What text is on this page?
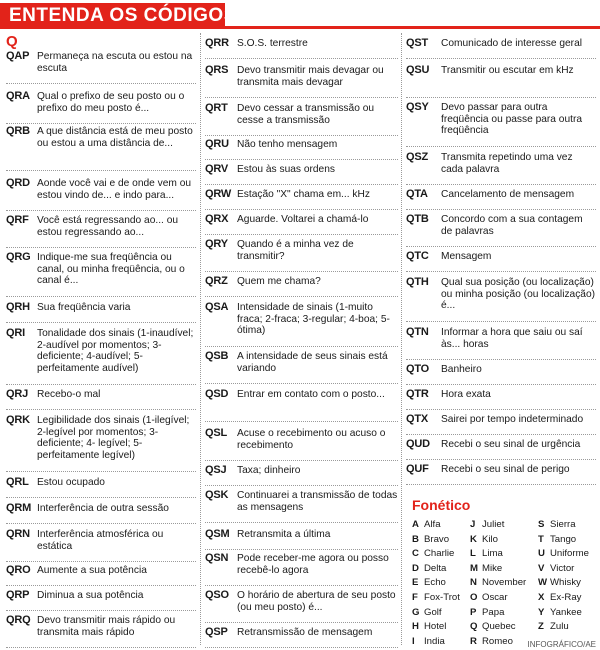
ENTENDA OS CÓDIGOS
Q
QAP Permaneça na escuta ou estou na escuta
QRA Qual o prefixo de seu posto ou o prefixo do meu posto é...
QRB A que distância está de meu posto ou estou a uma distância de...
QRD Aonde você vai e de onde vem ou estou vindo de... e indo para...
QRF Você está regressando ao... ou estou regressando ao...
QRG Indique-me sua freqüência ou canal, ou minha freqüência, ou o canal é...
QRH Sua freqüência varia
QRI Tonalidade dos sinais (1-inaudível; 2-audível por momentos; 3-deficiente; 4-audível; 5-perfeitamente audível)
QRJ Recebo-o mal
QRK Legibilidade dos sinais (1-ilegível; 2-legível por momentos; 3-deficiente; 4- legível; 5-perfeitamente legível)
QRL Estou ocupado
QRM Interferência de outra sessão
QRN Interferência atmosférica ou estática
QRO Aumente a sua potência
QRP Diminua a sua potência
QRQ Devo transmitir mais rápido ou transmita mais rápido
QRR S.O.S. terrestre
QRS Devo transmitir mais devagar ou transmita mais devagar
QRT Devo cessar a transmissão ou cesse a transmissão
QRU Não tenho mensagem
QRV Estou às suas ordens
QRW Estação "X" chama em... kHz
QRX Aguarde. Voltarei a chamá-lo
QRY Quando é a minha vez de transmitir?
QRZ Quem me chama?
QSA Intensidade de sinais (1-muito fraca; 2-fraca; 3-regular; 4-boa; 5-ótima)
QSB A intensidade de seus sinais está variando
QSD Entrar em contato com o posto...
QSL Acuse o recebimento ou acuso o recebimento
QSJ Taxa; dinheiro
QSK Continuarei a transmissão de todas as mensagens
QSM Retransmita a última
QSN Pode receber-me agora ou posso recebê-lo agora
QSO O horário de abertura de seu posto (ou meu posto) é...
QSP Retransmissão de mensagem
QST Comunicado de interesse geral
QSU Transmitir ou escutar em kHz
QSY Devo passar para outra freqüência ou passe para outra freqüência
QSZ Transmita repetindo uma vez cada palavra
QTA Cancelamento de mensagem
QTB Concordo com a sua contagem de palavras
QTC Mensagem
QTH Qual sua posição (ou localização) ou minha posição (ou localização) é...
QTN Informar a hora que saiu ou saí às... horas
QTO Banheiro
QTR Hora exata
QTX Sairei por tempo indeterminado
QUD Recebi o seu sinal de urgência
QUF Recebi o seu sinal de perigo
Fonético
A Alfa
B Bravo
C Charlie
D Delta
E Echo
F Fox-Trot
G Golf
H Hotel
I India
J Juliet
K Kilo
L Lima
M Mike
N November
O Oscar
P Papa
Q Quebec
R Romeo
S Sierra
T Tango
U Uniforme
V Victor
W Whisky
X Ex-Ray
Y Yankee
Z Zulu
INFOGRÁFICO/AE
